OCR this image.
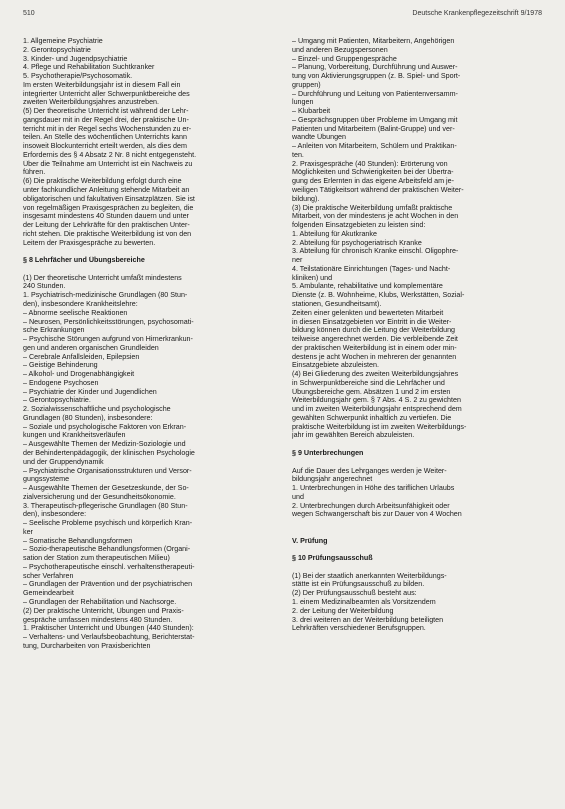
510	Deutsche Krankenpflegezeitschrift 9/1978
1. Allgemeine Psychiatrie
2. Gerontopsychiatrie
3. Kinder- und Jugendpsychiatrie
4. Pflege und Rehabilitation Suchtkranker
5. Psychotherapie/Psychosomatik.
Im ersten Weiterbildungsjahr ist in diesem Fall ein
integrierter Unterricht aller Schwerpunktbereiche des
zweiten Weiterbildungsjahres anzustreben.
(5) Der theoretische Unterricht ist während der Lehr-
gangsdauer mit in der Regel drei, der praktische Un-
terricht mit in der Regel sechs Wochenstunden zu er-
teilen. An Stelle des wöchentlichen Unterrichts kann
insoweit Blockunterricht erteilt werden, als dies dem
Erfordernis des § 4 Absatz 2 Nr. 8 nicht entgegensteht.
Über die Teilnahme am Unterricht ist ein Nachweis zu
führen.
(6) Die praktische Weiterbildung erfolgt durch eine
unter fachkundlicher Anleitung stehende Mitarbeit an
obligatorischen und fakultativen Einsatzplätzen. Sie ist
von regelmäßigen Praxisgesprächen zu begleiten, die
insgesamt mindestens 40 Stunden dauern und unter
der Leitung der Lehrkräfte für den praktischen Unter-
richt stehen. Die praktische Weiterbildung ist von den
Leitern der Praxisgespräche zu bewerten.
§ 8 Lehrfächer und Übungsbereiche
(1) Der theoretische Unterricht umfaßt mindestens
240 Stunden.
1. Psychiatrisch-medizinische Grundlagen (80 Stun-
den), insbesondere Krankheitslehre:
– Abnorme seelische Reaktionen
– Neurosen, Persönlichkeitsstörungen, psychosomati-
sche Erkrankungen
– Psychische Störungen aufgrund von Hirnerkrankun-
gen und anderen organischen Grundleiden
– Cerebrale Anfallsleiden, Epilepsien
– Geistige Behinderung
– Alkohol- und Drogenabhängigkeit
– Endogene Psychosen
– Psychiatrie der Kinder und Jugendlichen
– Gerontopsychiatrie.
2. Sozialwissenschaftliche und psychologische
Grundlagen (80 Stunden), insbesondere:
– Soziale und psychologische Faktoren von Erkran-
kungen und Krankheitsverläufen
– Ausgewählte Themen der Medizin-Soziologie und
der Behindertenpädagogik, der klinischen Psychologie
und der Gruppendynamik
– Psychiatrische Organisationsstrukturen und Versor-
gungssysteme
– Ausgewählte Themen der Gesetzeskunde, der So-
zialversicherung und der Gesundheitsökonomie.
3. Therapeutisch-pflegerische Grundlagen (80 Stun-
den), insbesondere:
– Seelische Probleme psychisch und körperlich Kran-
ker
– Somatische Behandlungsformen
– Sozio-therapeutische Behandlungsformen (Organi-
sation der Station zum therapeutischen Milieu)
– Psychotherapeutische einschl. verhaltenstherapeuti-
scher Verfahren
– Grundlagen der Prävention und der psychiatrischen
Gemeindearbeit
– Grundlagen der Rehabilitation und Nachsorge.
(2) Der praktische Unterricht, Übungen und Praxis-
gespräche umfassen mindestens 480 Stunden.
1. Praktischer Unterricht und Übungen (440 Stunden):
– Verhaltens- und Verlaufsbeobachtung, Berichterstat-
tung, Durcharbeiten von Praxisberichten
– Umgang mit Patienten, Mitarbeitern, Angehörigen
und anderen Bezugspersonen
– Einzel- und Gruppengespräche
– Planung, Vorbereitung, Durchführung und Auswer-
tung von Aktivierungsgruppen (z. B. Spiel- und Sport-
gruppen)
– Durchführung und Leitung von Patientenversamm-
lungen
– Klubarbeit
– Gesprächsgruppen über Probleme im Umgang mit
Patienten und Mitarbeitern (Balint-Gruppe) und ver-
wandte Übungen
– Anleiten von Mitarbeitern, Schülern und Praktikan-
ten.
2. Praxisgespräche (40 Stunden): Erörterung von
Möglichkeiten und Schwierigkeiten bei der Übertra-
gung des Erlernten in das eigene Arbeitsfeld am je-
weiligen Tätigkeitsort während der praktischen Weiter-
bildung).
(3) Die praktische Weiterbildung umfaßt praktische
Mitarbeit, von der mindestens je acht Wochen in den
folgenden Einsatzgebieten zu leisten sind:
1. Abteilung für Akutkranke
2. Abteilung für psychogeriatrisch Kranke
3. Abteilung für chronisch Kranke einschl. Oligophre-
ner
4. Teilstationäre Einrichtungen (Tages- und Nacht-
kliniken) und
5. Ambulante, rehabilitative und komplementäre
Dienste (z. B. Wohnheime, Klubs, Werkstätten, Sozial-
stationen, Gesundheitsamt).
Zeiten einer gelenkten und bewerteten Mitarbeit
in diesen Einsatzgebieten vor Eintritt in die Weiter-
bildung können durch die Leitung der Weiterbildung
teilweise angerechnet werden. Die verbleibende Zeit
der praktischen Weiterbildung ist in einem oder min-
destens je acht Wochen in mehreren der genannten
Einsatzgebiete abzuleisten.
(4) Bei Gliederung des zweiten Weiterbildungsjahres
in Schwerpunktbereiche sind die Lehrfächer und
Übungsbereiche gem. Absätzen 1 und 2 im ersten
Weiterbildungsjahr gem. § 7 Abs. 4 S. 2 zu gewichten
und im zweiten Weiterbildungsjahr entsprechend dem
gewählten Schwerpunkt inhaltlich zu vertiefen. Die
praktische Weiterbildung ist im zweiten Weiterbildungs-
jahr im gewählten Bereich abzuleisten.
§ 9 Unterbrechungen
Auf die Dauer des Lehrganges werden je Weiter-
bildungsjahr angerechnet
1. Unterbrechungen in Höhe des tariflichen Urlaubs
und
2. Unterbrechungen durch Arbeitsunfähigkeit oder
wegen Schwangerschaft bis zur Dauer von 4 Wochen
V. Prüfung
§ 10 Prüfungsausschuß
(1) Bei der staatlich anerkannten Weiterbildungs-
stätte ist ein Prüfungsausschuß zu bilden.
(2) Der Prüfungsausschuß besteht aus:
1. einem Medizinalbeamten als Vorsitzendem
2. der Leitung der Weiterbildung
3. drei weiteren an der Weiterbildung beteiligten
Lehrkräften verschiedener Berufsgruppen.
